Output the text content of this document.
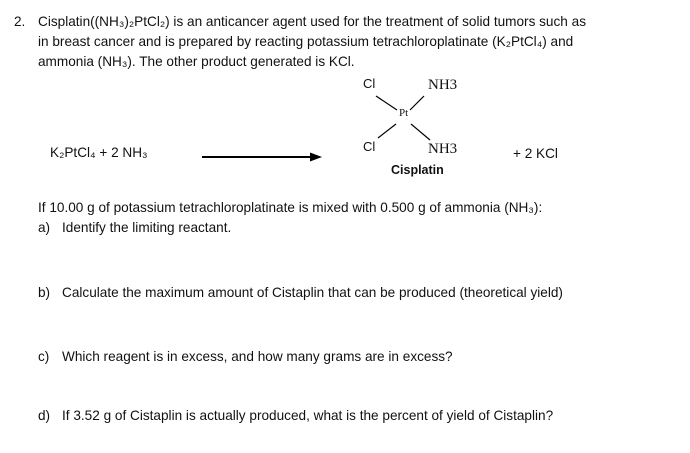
2. Cisplatin((NH₃)₂PtCl₂) is an anticancer agent used for the treatment of solid tumors such as
in breast cancer and is prepared by reacting potassium tetrachloroplatinate (K₂PtCl₄) and
ammonia (NH₃). The other product generated is KCl.
K₂PtCl₄ + 2 NH₃
Cl	NH3
Pt
Cl	NH3
Cisplatin
+ 2 KCl
If 10.00 g of potassium tetrachloroplatinate is mixed with 0.500 g of ammonia (NH₃):
a) Identify the limiting reactant.
b) Calculate the maximum amount of Cistaplin that can be produced (theoretical yield)
c) Which reagent is in excess, and how many grams are in excess?
d) If 3.52 g of Cistaplin is actually produced, what is the percent of yield of Cistaplin?
